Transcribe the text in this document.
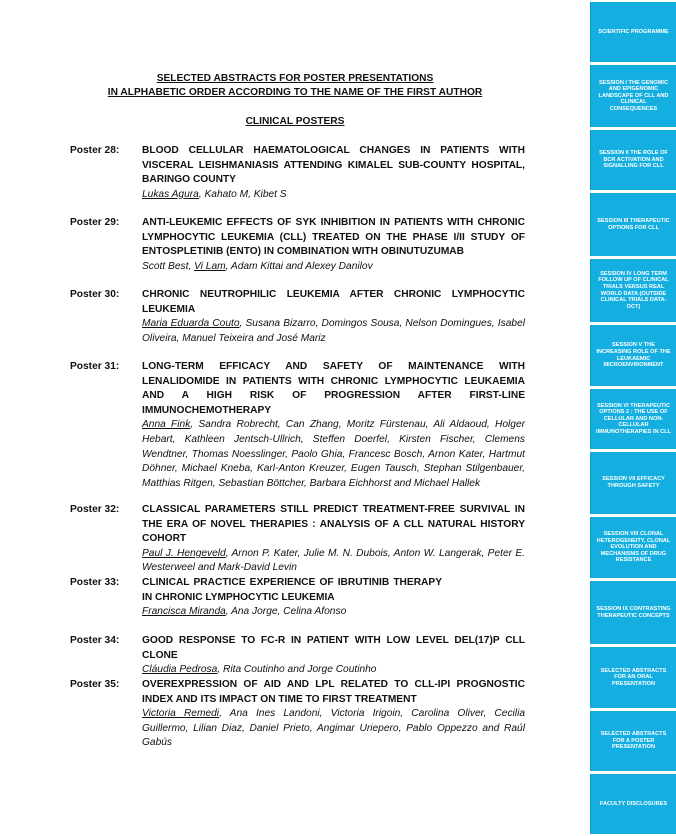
SELECTED ABSTRACTS FOR POSTER PRESENTATIONS
IN ALPHABETIC ORDER ACCORDING TO THE NAME OF THE FIRST AUTHOR
CLINICAL POSTERS
Poster 28: BLOOD CELLULAR HAEMATOLOGICAL CHANGES IN PATIENTS WITH VISCERAL LEISHMANIASIS ATTENDING KIMALEL SUB-COUNTY HOSPITAL, BARINGO COUNTY
Lukas Agura, Kahato M, Kibet S
Poster 29: ANTI-LEUKEMIC EFFECTS OF SYK INHIBITION IN PATIENTS WITH CHRONIC LYMPHOCYTIC LEUKEMIA (CLL) TREATED ON THE PHASE I/II STUDY OF ENTOSPLETINIB (ENTO) IN COMBINATION WITH OBINUTUZUMAB
Scott Best, Vi Lam, Adam Kittai and Alexey Danilov
Poster 30: CHRONIC NEUTROPHILIC LEUKEMIA AFTER CHRONIC LYMPHOCYTIC LEUKEMIA
Maria Eduarda Couto, Susana Bizarro, Domingos Sousa, Nelson Domingues, Isabel Oliveira, Manuel Teixeira and José Mariz
Poster 31: LONG-TERM EFFICACY AND SAFETY OF MAINTENANCE WITH LENALIDOMIDE IN PATIENTS WITH CHRONIC LYMPHOCYTIC LEUKAEMIA AND A HIGH RISK OF PROGRESSION AFTER FIRST-LINE IMMUNOCHEMOTHERAPY
Anna Fink, Sandra Robrecht, Can Zhang, Moritz Fürstenau, Ali Aldaoud, Holger Hebart, Kathleen Jentsch-Ullrich, Steffen Doerfel, Kirsten Fischer, Clemens Wendtner, Thomas Noesslinger, Paolo Ghia, Francesc Bosch, Arnon Kater, Hartmut Döhner, Michael Kneba, Karl-Anton Kreuzer, Eugen Tausch, Stephan Stilgenbauer, Matthias Ritgen, Sebastian Böttcher, Barbara Eichhorst and Michael Hallek
Poster 32: CLASSICAL PARAMETERS STILL PREDICT TREATMENT-FREE SURVIVAL IN THE ERA OF NOVEL THERAPIES : ANALYSIS OF A CLL NATURAL HISTORY COHORT
Paul J. Hengeveld, Arnon P. Kater, Julie M. N. Dubois, Anton W. Langerak, Peter E. Westerweel and Mark-David Levin
Poster 33: CLINICAL PRACTICE EXPERIENCE OF IBRUTINIB THERAPY IN CHRONIC LYMPHOCYTIC LEUKEMIA
Francisca Miranda, Ana Jorge, Celina Afonso
Poster 34: GOOD RESPONSE TO FC-R IN PATIENT WITH LOW LEVEL DEL(17)P CLL CLONE
Cláudia Pedrosa, Rita Coutinho and Jorge Coutinho
Poster 35: OVEREXPRESSION OF AID AND LPL RELATED TO CLL-IPI PROGNOSTIC INDEX AND ITS IMPACT ON TIME TO FIRST TREATMENT
Victoria Remedi, Ana Ines Landoni, Victoria Irigoin, Carolina Oliver, Cecilia Guillermo, Lilian Diaz, Daniel Prieto, Angimar Uriepero, Pablo Oppezzo and Raúl Gabús
SCIENTIFIC PROGRAMME
SESSION I THE GENOMIC AND EPIGENOMIC LANDSCAPE OF CLL AND CLINICAL CONSEQUENCES
SESSION II THE ROLE OF BCR ACTIVATION AND SIGNALLING FOR CLL
SESSION III THERAPEUTIC OPTIONS FOR CLL
SESSION IV LONG TERM FOLLOW UP OF CLINICAL TRIALS VERSUS REAL WORLD DATA (OUTSIDE CLINICAL TRIALS DATA-OCT)
SESSION V THE INCREASING ROLE OF THE LEUKAEMIC MICROENVIRONMENT
SESSION VI THERAPEUTIC OPTIONS 2 : THE USE OF CELLULAR AND NON-CELLULAR IMMUNOTHERAPIES IN CLL
SESSION VII EFFICACY THROUGH SAFETY
SESSION VIII CLONAL HETEROGENEITY, CLONAL EVOLUTION AND MECHANISMS OF DRUG RESISTANCE
SESSION IX CONTRASTING THERAPEUTIC CONCEPTS
SELECTED ABSTRACTS FOR AN ORAL PRESENTATION
SELECTED ABSTRACTS FOR A POSTER PRESENTATION
FACULTY DISCLOSURES
